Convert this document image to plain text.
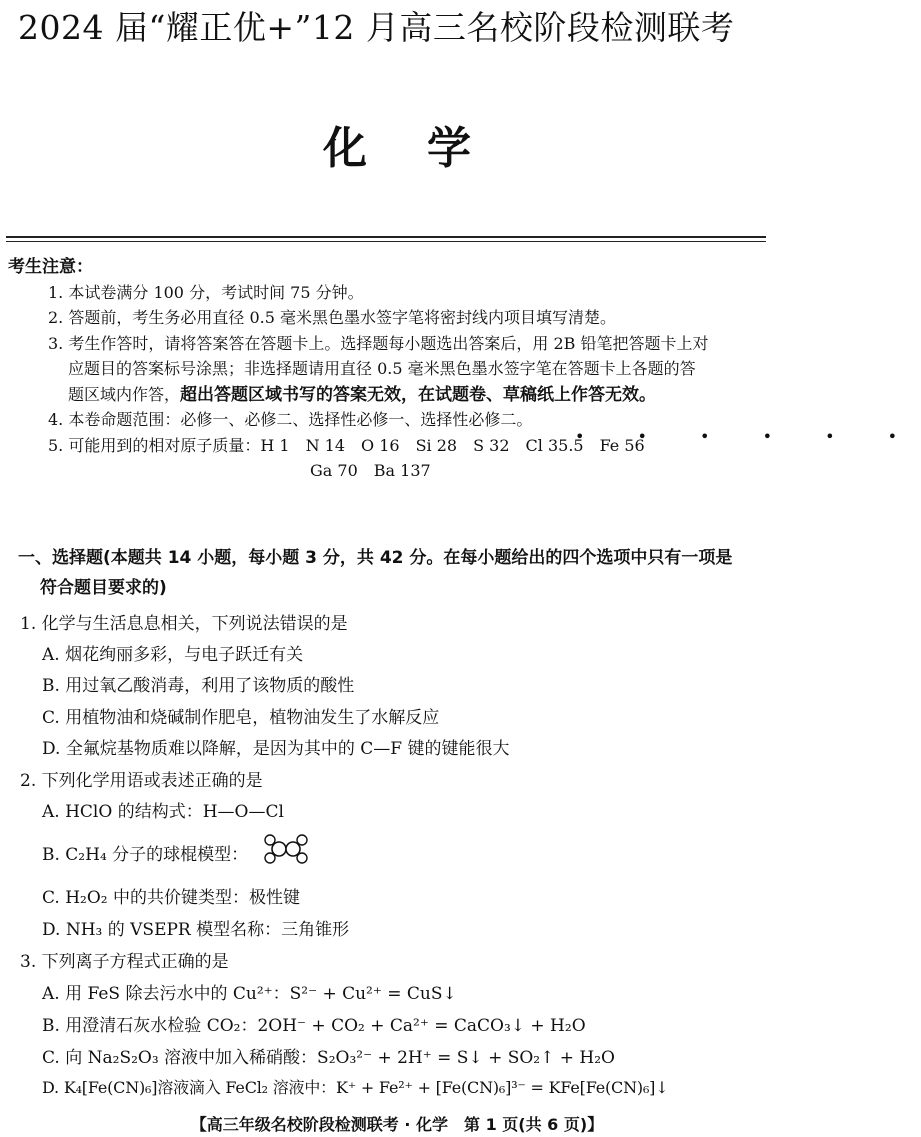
2024 届“耀正优+”12 月高三名校阶段检测联考
化学
考生注意：
1. 本试卷满分 100 分，考试时间 75 分钟。
2. 答题前，考生务必用直径 0.5 毫米黑色墨水签字笔将密封线内项目填写清楚。
3. 考生作答时，请将答案答在答题卡上。选择题每小题选出答案后，用 2B 铅笔把答题卡上对
应题目的答案标号涂黑；非选择题请用直径 0.5 毫米黑色墨水签字笔在答题卡上各题的答
题区域内作答，超出答题区域书写的答案无效，在试题卷、草稿纸上作答无效。
4. 本卷命题范围：必修一、必修二、选择性必修一、选择性必修二。
• • • • • •
5. 可能用到的相对原子质量：H 1　N 14　O 16　Si 28　S 32　Cl 35.5　Fe 56
Ga 70　Ba 137
一、选择题(本题共 14 小题，每小题 3 分，共 42 分。在每小题给出的四个选项中只有一项是
符合题目要求的)
1. 化学与生活息息相关，下列说法错误的是
A. 烟花绚丽多彩，与电子跃迁有关
B. 用过氧乙酸消毒，利用了该物质的酸性
C. 用植物油和烧碱制作肥皂，植物油发生了水解反应
D. 全氟烷基物质难以降解，是因为其中的 C—F 键的键能很大
2. 下列化学用语或表述正确的是
A. HClO 的结构式：H—O—Cl
B. C₂H₄ 分子的球棍模型：
C. H₂O₂ 中的共价键类型：极性键
D. NH₃ 的 VSEPR 模型名称：三角锥形
3. 下列离子方程式正确的是
A. 用 FeS 除去污水中的 Cu²⁺：S²⁻ + Cu²⁺ = CuS↓
B. 用澄清石灰水检验 CO₂：2OH⁻ + CO₂ + Ca²⁺ = CaCO₃↓ + H₂O
C. 向 Na₂S₂O₃ 溶液中加入稀硝酸：S₂O₃²⁻ + 2H⁺ = S↓ + SO₂↑ + H₂O
D. K₄[Fe(CN)₆]溶液滴入 FeCl₂ 溶液中：K⁺ + Fe²⁺ + [Fe(CN)₆]³⁻ = KFe[Fe(CN)₆]↓
【高三年级名校阶段检测联考 · 化学　第 1 页(共 6 页)】
